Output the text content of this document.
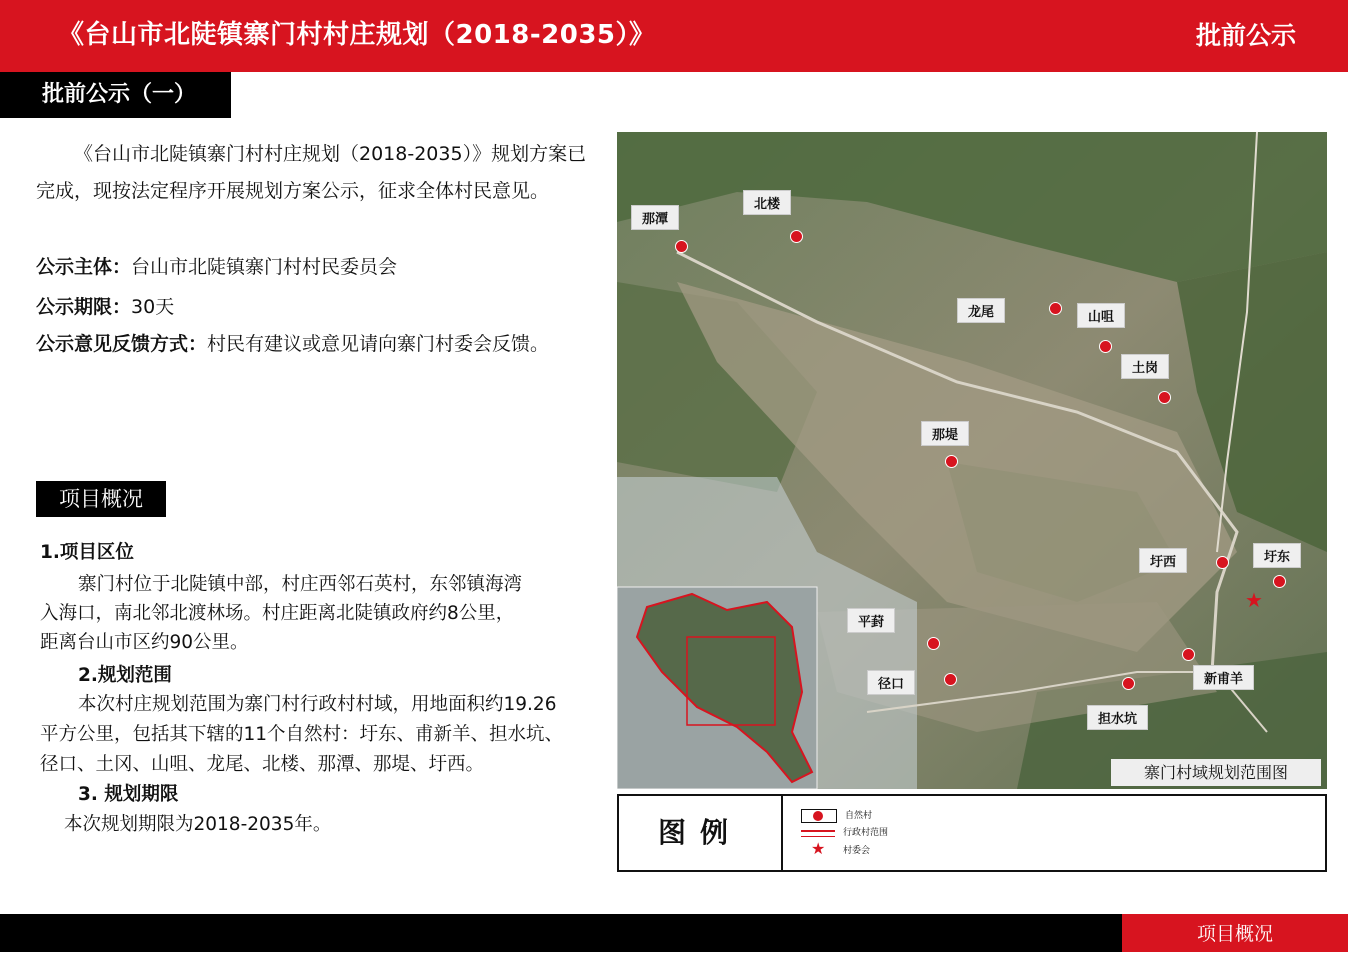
《台山市北陡镇寨门村村庄规划（2018-2035）》	批前公示
批前公示（一）

《台山市北陡镇寨门村村庄规划（2018-2035）》规划方案已完成，现按法定程序开展规划方案公示，征求全体村民意见。

公示主体：台山市北陡镇寨门村村民委员会
公示期限：30天
公示意见反馈方式：村民有建议或意见请向寨门村委会反馈。
项目概况
1.项目区位
寨门村位于北陡镇中部，村庄西邻石英村，东邻镇海湾
入海口，南北邻北渡林场。村庄距离北陡镇政府约8公里，
距离台山市区约90公里。
2.规划范围
本次村庄规划范围为寨门村行政村村域，用地面积约19.26
平方公里，包括其下辖的11个自然村：圩东、甫新羊、担水坑、
径口、土冈、山咀、龙尾、北楼、那潭、那堤、圩西。
3. 规划期限
本次规划期限为2018-2035年。
那潭
北楼
龙尾	山咀
土岗
那堤
圩西	圩东
★
平葑
径口	新甫羊
担水坑
寨门村域规划范围图
图例	自然村
行政村范围
★ 村委会
项目概况
